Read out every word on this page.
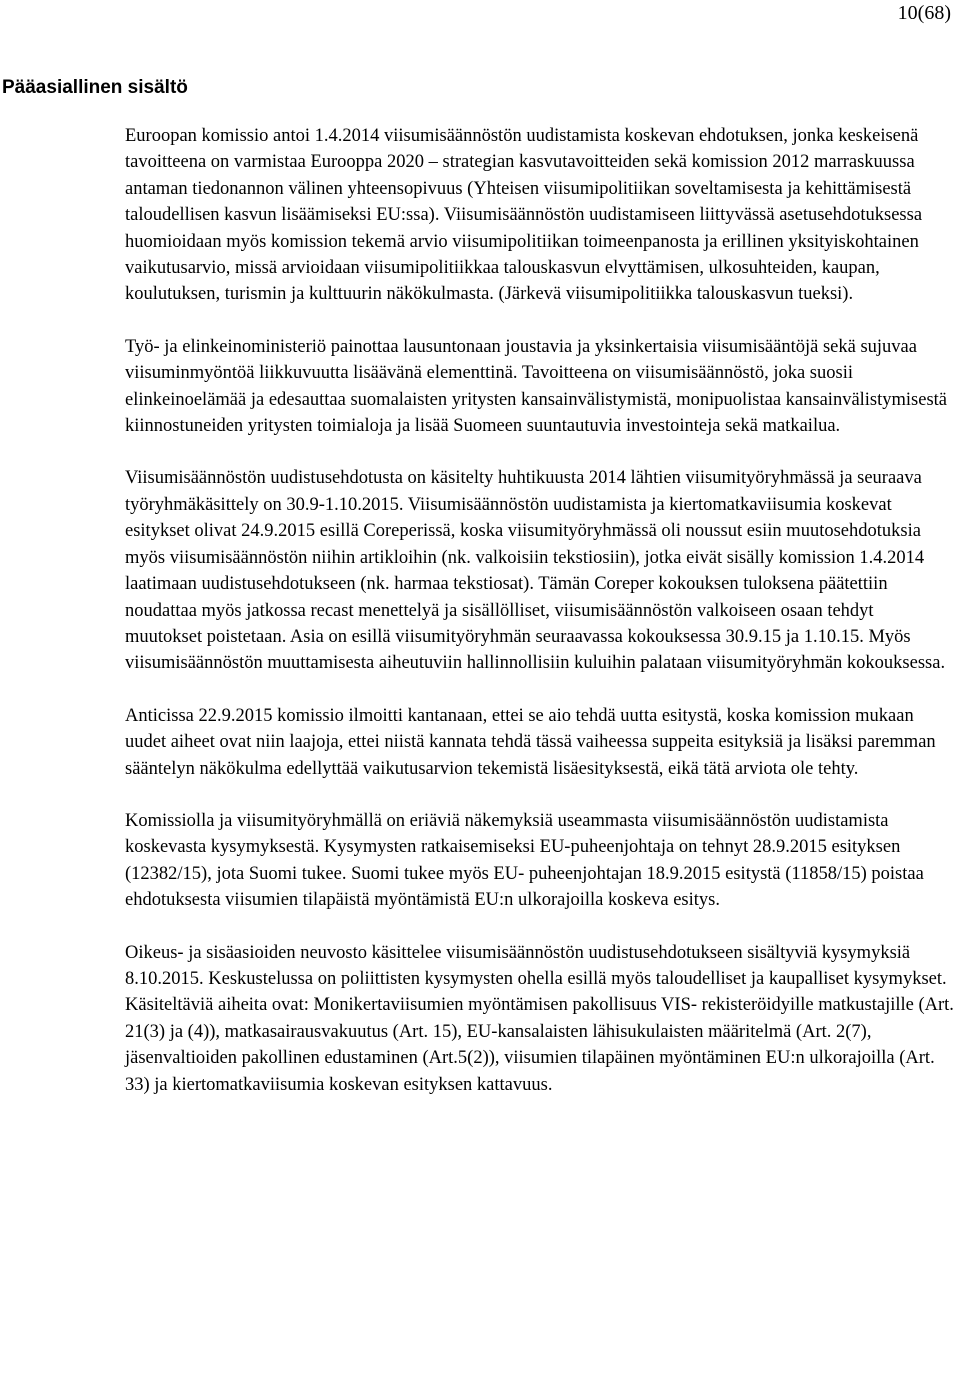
10(68)
Pääasiallinen sisältö

Euroopan komissio antoi 1.4.2014 viisumisäännöstön uudistamista koskevan ehdotuksen, jonka keskeisenä tavoitteena on varmistaa Eurooppa 2020 – strategian kasvutavoitteiden sekä komission 2012 marraskuussa antaman tiedonannon välinen yhteensopivuus (Yhteisen viisumipolitiikan soveltamisesta ja kehittämisestä taloudellisen kasvun lisäämiseksi EU:ssa). Viisumisäännöstön uudistamiseen liittyvässä asetusehdotuksessa huomioidaan myös komission tekemä arvio viisumipolitiikan toimeenpanosta ja erillinen yksityiskohtainen vaikutusarvio, missä arvioidaan viisumipolitiikkaa talouskasvun elvyttämisen, ulkosuhteiden, kaupan, koulutuksen, turismin ja kulttuurin näkökulmasta. (Järkevä viisumipolitiikka talouskasvun tueksi).

Työ- ja elinkeinoministeriö painottaa lausuntonaan joustavia ja yksinkertaisia viisumisääntöjä sekä sujuvaa viisuminmyöntöä liikkuvuutta lisäävänä elementtinä. Tavoitteena on viisumisäännöstö, joka suosii elinkeinoelämää ja edesauttaa suomalaisten yritysten kansainvälistymistä, monipuolistaa kansainvälistymisestä kiinnostuneiden yritysten toimialoja ja lisää Suomeen suuntautuvia investointeja sekä matkailua.

Viisumisäännöstön uudistusehdotusta on käsitelty huhtikuusta 2014 lähtien viisumityöryhmässä ja seuraava työryhmäkäsittely on 30.9-1.10.2015. Viisumisäännöstön uudistamista ja kiertomatkaviisumia koskevat esitykset olivat 24.9.2015 esillä Coreperissä, koska viisumityöryhmässä oli noussut esiin muutosehdotuksia myös viisumisäännöstön niihin artikloihin (nk. valkoisiin tekstiosiin), jotka eivät sisälly komission 1.4.2014 laatimaan uudistusehdotukseen (nk. harmaa tekstiosat). Tämän Coreper kokouksen tuloksena päätettiin noudattaa myös jatkossa recast menettelyä ja sisällölliset, viisumisäännöstön valkoiseen osaan tehdyt muutokset poistetaan. Asia on esillä viisumityöryhmän seuraavassa kokouksessa 30.9.15 ja 1.10.15. Myös viisumisäännöstön muuttamisesta aiheutuviin hallinnollisiin kuluihin palataan viisumityöryhmän kokouksessa.

Anticissa 22.9.2015 komissio ilmoitti kantanaan, ettei se aio tehdä uutta esitystä, koska komission mukaan uudet aiheet ovat niin laajoja, ettei niistä kannata tehdä tässä vaiheessa suppeita esityksiä ja lisäksi paremman sääntelyn näkökulma edellyttää vaikutusarvion tekemistä lisäesityksestä, eikä tätä arviota ole tehty.

Komissiolla ja viisumityöryhmällä on eriäviä näkemyksiä useammasta viisumisäännöstön uudistamista koskevasta kysymyksestä. Kysymysten ratkaisemiseksi EU-puheenjohtaja on tehnyt 28.9.2015 esityksen (12382/15), jota Suomi tukee. Suomi tukee myös EU- puheenjohtajan 18.9.2015 esitystä (11858/15) poistaa ehdotuksesta viisumien tilapäistä myöntämistä EU:n ulkorajoilla koskeva esitys.

Oikeus- ja sisäasioiden neuvosto käsittelee viisumisäännöstön uudistusehdotukseen sisältyviä kysymyksiä 8.10.2015. Keskustelussa on poliittisten kysymysten ohella esillä myös taloudelliset ja kaupalliset kysymykset. Käsiteltäviä aiheita ovat: Monikertaviisumien myöntämisen pakollisuus VIS- rekisteröidyille matkustajille (Art. 21(3) ja (4)), matkasairausvakuutus (Art. 15), EU-kansalaisten lähisukulaisten määritelmä (Art. 2(7), jäsenvaltioiden pakollinen edustaminen (Art.5(2)), viisumien tilapäinen myöntäminen EU:n ulkorajoilla (Art. 33) ja kiertomatkaviisumia koskevan esityksen kattavuus.
